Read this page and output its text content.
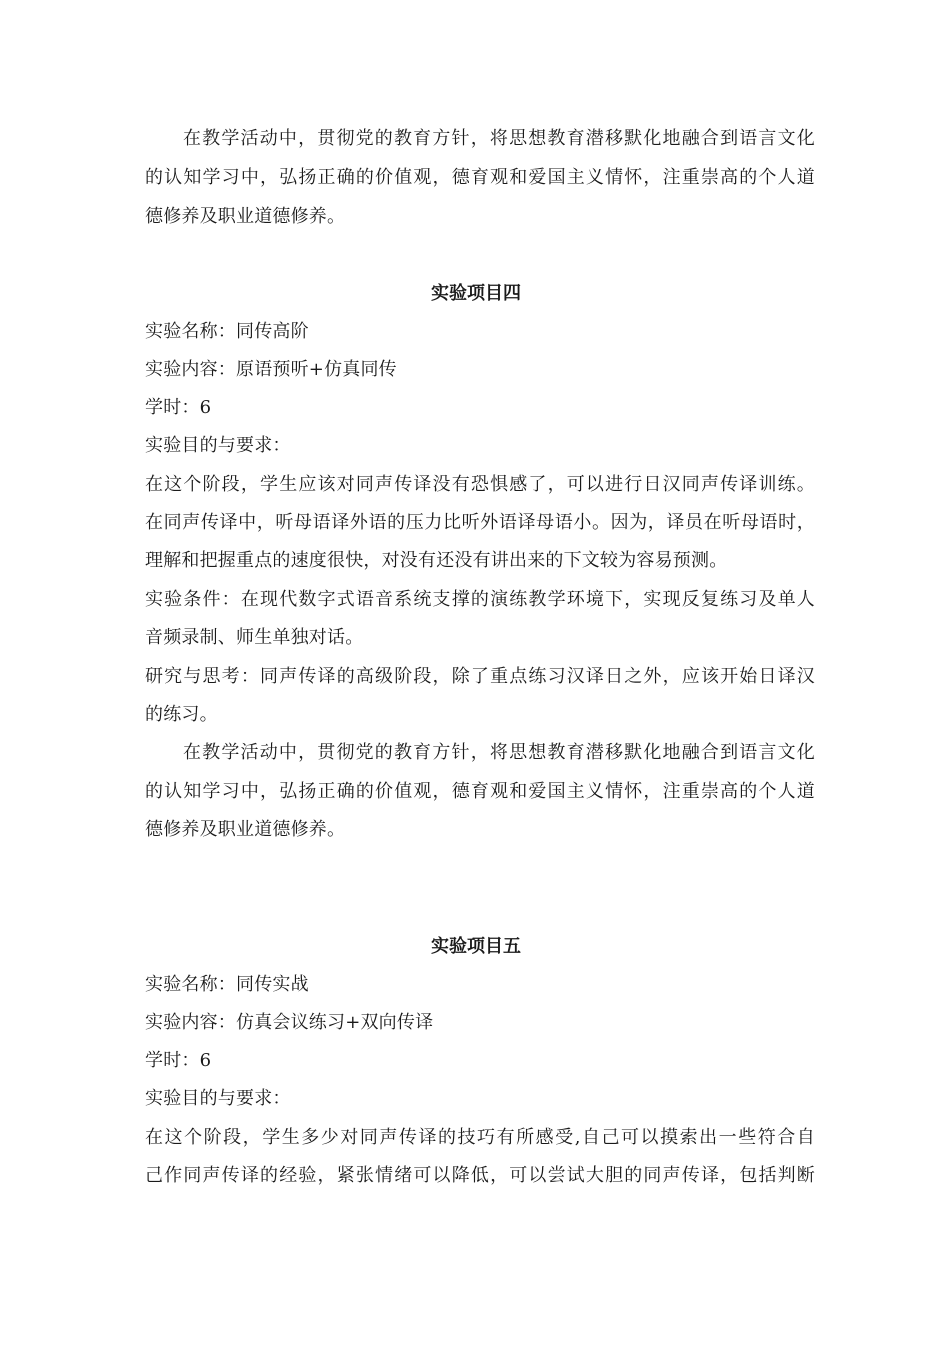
在教学活动中，贯彻党的教育方针，将思想教育潜移默化地融合到语言文化
的认知学习中，弘扬正确的价值观，德育观和爱国主义情怀，注重崇高的个人道
德修养及职业道德修养。
实验项目四
实验名称：同传高阶
实验内容：原语预听+仿真同传
学时：6
实验目的与要求：
在这个阶段，学生应该对同声传译没有恐惧感了，可以进行日汉同声传译训练。
在同声传译中，听母语译外语的压力比听外语译母语小。因为，译员在听母语时，
理解和把握重点的速度很快，对没有还没有讲出来的下文较为容易预测。
实验条件：在现代数字式语音系统支撑的演练教学环境下，实现反复练习及单人
音频录制、师生单独对话。
研究与思考：同声传译的高级阶段，除了重点练习汉译日之外，应该开始日译汉
的练习。
在教学活动中，贯彻党的教育方针，将思想教育潜移默化地融合到语言文化
的认知学习中，弘扬正确的价值观，德育观和爱国主义情怀，注重崇高的个人道
德修养及职业道德修养。
实验项目五
实验名称：同传实战
实验内容：仿真会议练习+双向传译
学时：6
实验目的与要求：
在这个阶段，学生多少对同声传译的技巧有所感受,自己可以摸索出一些符合自
己作同声传译的经验，紧张情绪可以降低，可以尝试大胆的同声传译，包括判断
